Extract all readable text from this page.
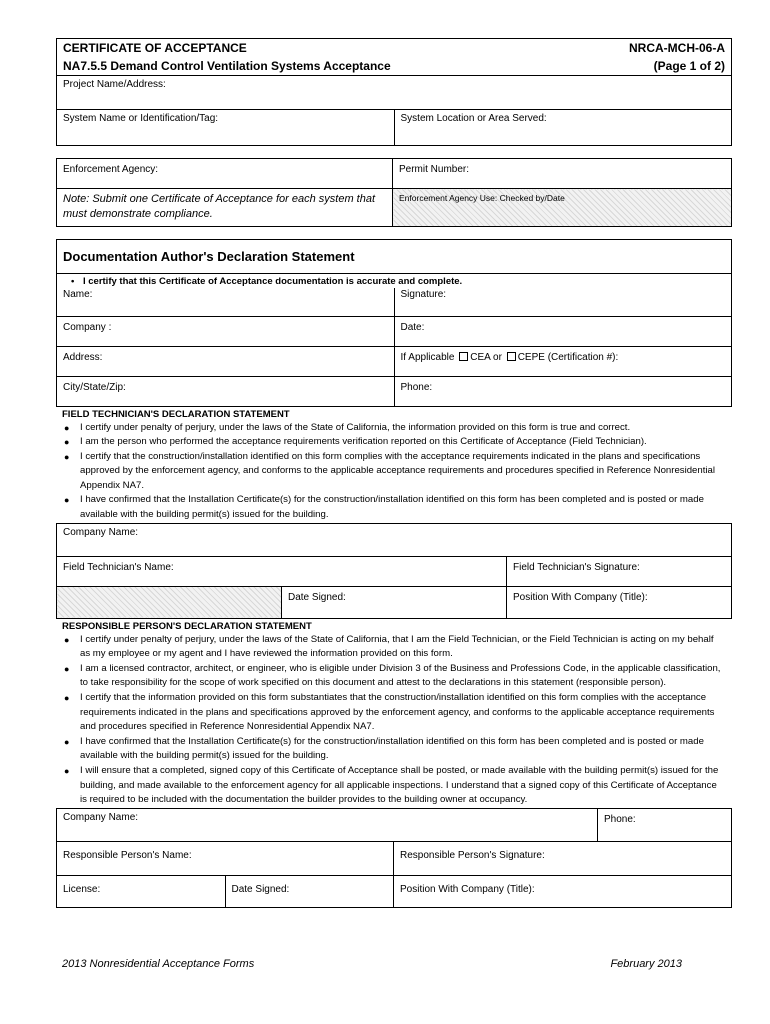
CERTIFICATE OF ACCEPTANCE	NRCA-MCH-06-A
NA7.5.5 Demand Control Ventilation Systems Acceptance	(Page 1 of 2)
Project Name/Address:
System Name or Identification/Tag:	System Location or Area Served:
Enforcement Agency:	Permit Number:
Note: Submit one Certificate of Acceptance for each system that must demonstrate compliance.	Enforcement Agency Use: Checked by/Date
Documentation Author's Declaration Statement	
• I certify that this Certificate of Acceptance documentation is accurate and complete.	
Name:	Signature:
Company :	Date:
Address:	If Applicable CEA or CEPE (Certification #):
City/State/Zip:	Phone:

FIELD TECHNICIAN'S DECLARATION STATEMENT

● I certify under penalty of perjury, under the laws of the State of California, the information provided on this form is true and correct.
● I am the person who performed the acceptance requirements verification reported on this Certificate of Acceptance (Field Technician).
● I certify that the construction/installation identified on this form complies with the acceptance requirements indicated in the plans and specifications approved by the enforcement agency, and conforms to the applicable acceptance requirements and procedures specified in Reference Nonresidential Appendix NA7.
● I have confirmed that the Installation Certificate(s) for the construction/installation identified on this form has been completed and is posted or made available with the building permit(s) issued for the building.
Company Name:		
Field Technician's Name:		Field Technician's Signature:
	Date Signed:	Position With Company (Title):

RESPONSIBLE PERSON'S DECLARATION STATEMENT

● I certify under penalty of perjury, under the laws of the State of California, that I am the Field Technician, or the Field Technician is acting on my behalf as my employee or my agent and I have reviewed the information provided on this form.
● I am a licensed contractor, architect, or engineer, who is eligible under Division 3 of the Business and Professions Code, in the applicable classification, to take responsibility for the scope of work specified on this document and attest to the declarations in this statement (responsible person).
● I certify that the information provided on this form substantiates that the construction/installation identified on this form complies with the acceptance requirements indicated in the plans and specifications approved by the enforcement agency, and conforms to the applicable acceptance requirements and procedures specified in Reference Nonresidential Appendix NA7.
● I have confirmed that the Installation Certificate(s) for the construction/installation identified on this form has been completed and is posted or made available with the building permit(s) issued for the building.
● I will ensure that a completed, signed copy of this Certificate of Acceptance shall be posted, or made available with the building permit(s) issued for the building, and made available to the enforcement agency for all applicable inspections. I understand that a signed copy of this Certificate of Acceptance is required to be included with the documentation the builder provides to the building owner at occupancy.
Company Name:	Phone:
Responsible Person's Name:		Responsible Person's Signature:
License:	Date Signed:	Position With Company (Title):
2013 Nonresidential Acceptance Forms	February 2013
